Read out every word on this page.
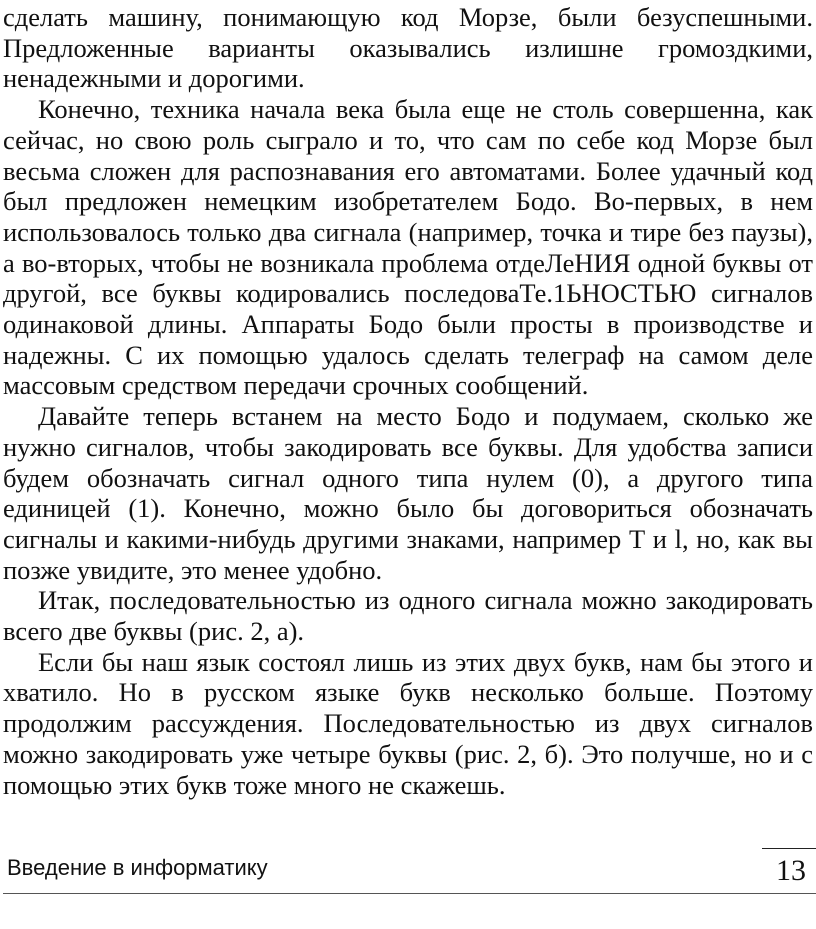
сделать машину, понимающую код Морзе, были безуспешными. Предложенные варианты оказывались излишне громоздкими, ненадежными и дорогими.

Конечно, техника начала века была еще не столь совершенна, как сейчас, но свою роль сыграло и то, что сам по себе код Морзе был весьма сложен для распознавания его автоматами. Более удачный код был предложен немецким изобретателем Бодо. Во-первых, в нем использовалось только два сигнала (например, точка и тире без паузы), а во-вторых, чтобы не возникала проблема отдеЛеНИЯ одной буквы от другой, все буквы кодировались последоваТе.1ЬНОСТЬЮ сигналов одинаковой длины. Аппараты Бодо были просты в производстве и надежны. С их помощью удалось сделать телеграф на самом деле массовым средством передачи срочных сообщений.

Давайте теперь встанем на место Бодо и подумаем, сколько же нужно сигналов, чтобы закодировать все буквы. Для удобства записи будем обозначать сигнал одного типа нулем (0), а другого типа единицей (1). Конечно, можно было бы договориться обозначать сигналы и какими-нибудь другими знаками, например Т и l, но, как вы позже увидите, это менее удобно.

Итак, последовательностью из одного сигнала можно закодировать всего две буквы (рис. 2, а).

Если бы наш язык состоял лишь из этих двух букв, нам бы этого и хватило. Но в русском языке букв несколько больше. Поэтому продолжим рассуждения. Последовательностью из двух сигналов можно закодировать уже четыре буквы (рис. 2, б). Это получше, но и с помощью этих букв тоже много не скажешь.

Введение в информатику	13
